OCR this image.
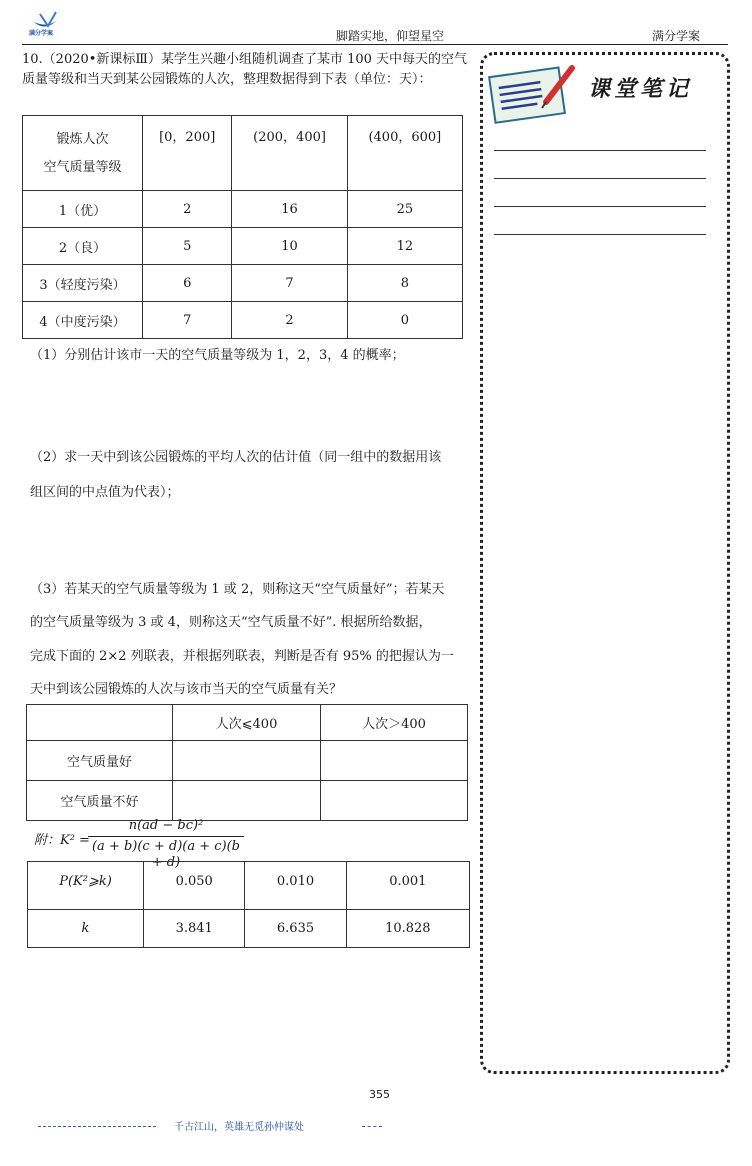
满分学案	脚踏实地，仰望星空	满分学案
课堂笔记
10.（2020•新课标Ⅲ）某学生兴趣小组随机调查了某市 100 天中每天的空气质量等级和当天到某公园锻炼的人次，整理数据得到下表（单位：天）：
锻炼人次
空气质量等级	[0，200]	(200，400]	(400，600]
1（优）	2	16	25
2（良）	5	10	12
3（轻度污染）	6	7	8
4（中度污染）	7	2	0
（1）分别估计该市一天的空气质量等级为 1，2，3，4 的概率；
（2）求一天中到该公园锻炼的平均人次的估计值（同一组中的数据用该
组区间的中点值为代表）；
（3）若某天的空气质量等级为 1 或 2，则称这天“空气质量好”；若某天
的空气质量等级为 3 或 4，则称这天“空气质量不好”. 根据所给数据，
完成下面的 2×2 列联表，并根据列联表，判断是否有 95% 的把握认为一
天中到该公园锻炼的人次与该市当天的空气质量有关？
	人次⩽400	人次＞400
空气质量好		
空气质量不好		
附：K² =
n(ad − bc)²
(a + b)(c + d)(a + c)(b + d)
P(K²⩾k)	0.050	0.010	0.001
k	3.841	6.635	10.828
355
千古江山，英雄无觅孙仲谋处
